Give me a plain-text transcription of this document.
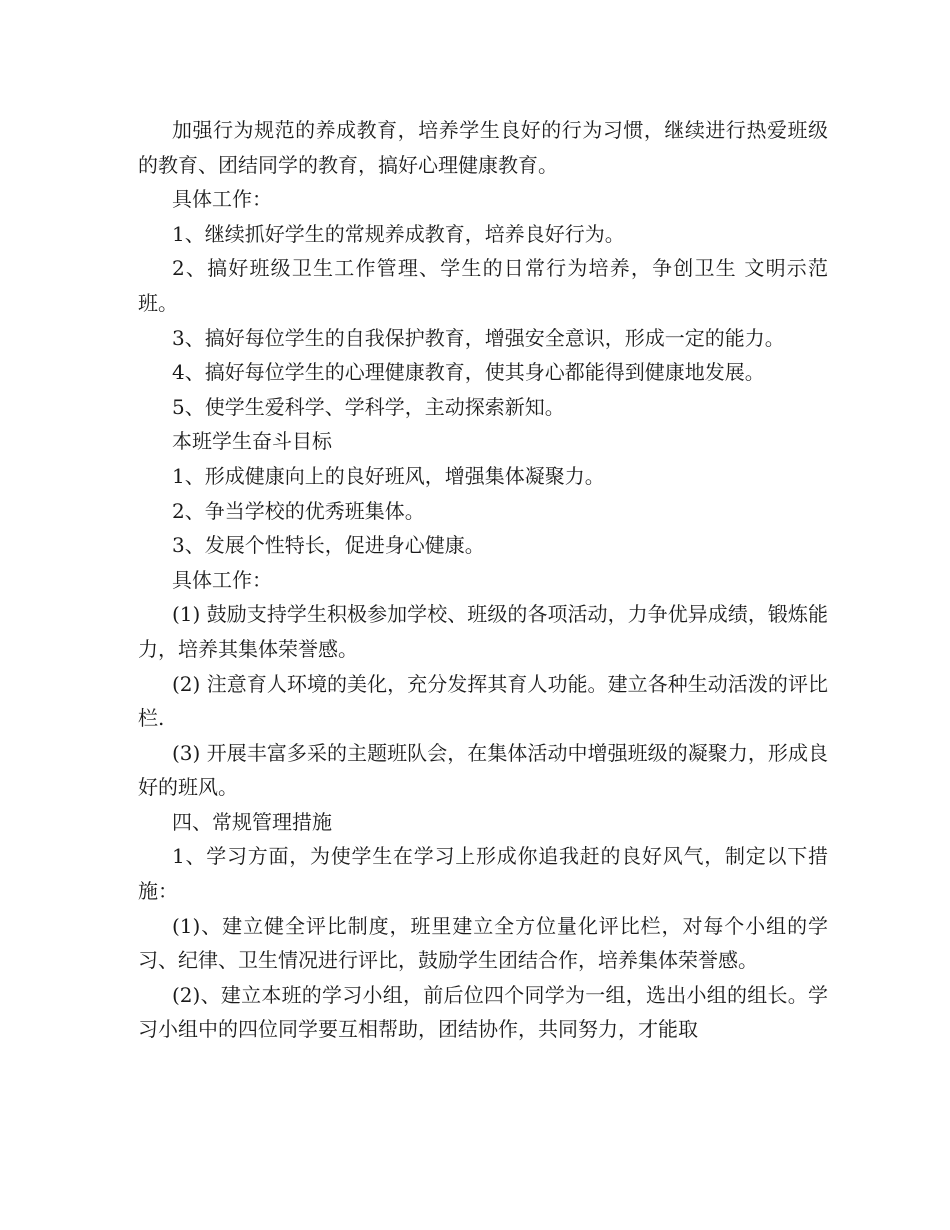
加强行为规范的养成教育，培养学生良好的行为习惯，继续进行热爱班级的教育、团结同学的教育，搞好心理健康教育。

具体工作：

1、继续抓好学生的常规养成教育，培养良好行为。

2、搞好班级卫生工作管理、学生的日常行为培养，争创卫生 文明示范班。

3、搞好每位学生的自我保护教育，增强安全意识，形成一定的能力。

4、搞好每位学生的心理健康教育，使其身心都能得到健康地发展。

5、使学生爱科学、学科学，主动探索新知。

本班学生奋斗目标

1、形成健康向上的良好班风，增强集体凝聚力。

2、争当学校的优秀班集体。

3、发展个性特长，促进身心健康。

具体工作：

(1) 鼓励支持学生积极参加学校、班级的各项活动，力争优异成绩，锻炼能力，培养其集体荣誉感。

(2) 注意育人环境的美化，充分发挥其育人功能。建立各种生动活泼的评比栏.

(3) 开展丰富多采的主题班队会，在集体活动中增强班级的凝聚力，形成良好的班风。

四、常规管理措施

1、学习方面，为使学生在学习上形成你追我赶的良好风气，制定以下措施：

(1)、建立健全评比制度，班里建立全方位量化评比栏，对每个小组的学习、纪律、卫生情况进行评比，鼓励学生团结合作，培养集体荣誉感。

(2)、建立本班的学习小组，前后位四个同学为一组，选出小组的组长。学习小组中的四位同学要互相帮助，团结协作，共同努力，才能取
